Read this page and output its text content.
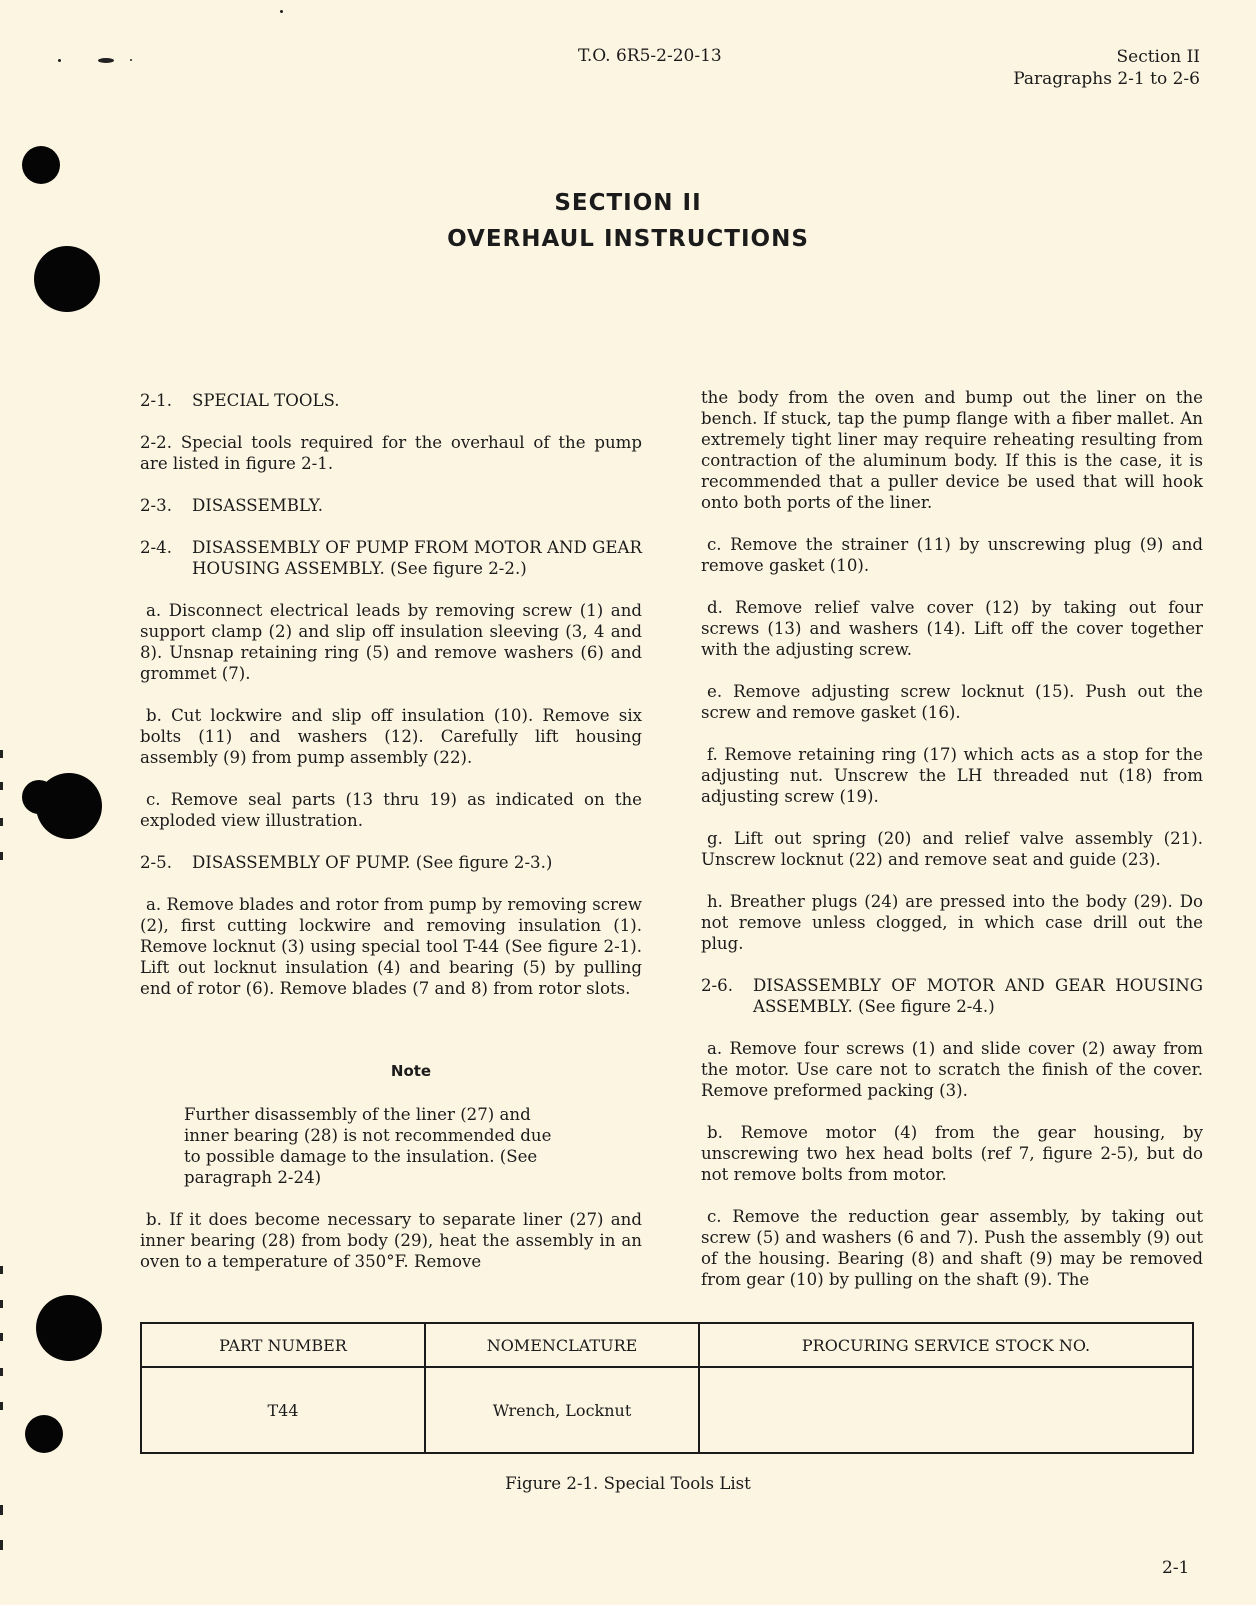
T.O. 6R5-2-20-13	Section II
Paragraphs 2-1 to 2-6
SECTION II
OVERHAUL INSTRUCTIONS
2-1.	SPECIAL TOOLS.
2-2. Special tools required for the overhaul of the pump are listed in figure 2-1.
2-3.	DISASSEMBLY.
2-4.	DISASSEMBLY OF PUMP FROM MOTOR AND GEAR HOUSING ASSEMBLY. (See figure 2-2.)

a. Disconnect electrical leads by removing screw (1) and support clamp (2) and slip off insulation sleeving (3, 4 and 8). Unsnap retaining ring (5) and remove washers (6) and grommet (7).

b. Cut lockwire and slip off insulation (10). Remove six bolts (11) and washers (12). Carefully lift housing assembly (9) from pump assembly (22).

c. Remove seal parts (13 thru 19) as indicated on the exploded view illustration.

2-5.	DISASSEMBLY OF PUMP. (See figure 2-3.)

a. Remove blades and rotor from pump by removing screw (2), first cutting lockwire and removing insulation (1). Remove locknut (3) using special tool T-44 (See figure 2-1). Lift out locknut insulation (4) and bearing (5) by pulling end of rotor (6). Remove blades (7 and 8) from rotor slots.

Note

Further disassembly of the liner (27) and inner bearing (28) is not recommended due to possible damage to the insulation. (See paragraph 2-24)

b. If it does become necessary to separate liner (27) and inner bearing (28) from body (29), heat the assembly in an oven to a temperature of 350°F. Remove

the body from the oven and bump out the liner on the bench. If stuck, tap the pump flange with a fiber mallet. An extremely tight liner may require reheating resulting from contraction of the aluminum body. If this is the case, it is recommended that a puller device be used that will hook onto both ports of the liner.

c. Remove the strainer (11) by unscrewing plug (9) and remove gasket (10).

d. Remove relief valve cover (12) by taking out four screws (13) and washers (14). Lift off the cover together with the adjusting screw.

e. Remove adjusting screw locknut (15). Push out the screw and remove gasket (16).

f. Remove retaining ring (17) which acts as a stop for the adjusting nut. Unscrew the LH threaded nut (18) from adjusting screw (19).

g. Lift out spring (20) and relief valve assembly (21). Unscrew locknut (22) and remove seat and guide (23).

h. Breather plugs (24) are pressed into the body (29). Do not remove unless clogged, in which case drill out the plug.

2-6.	DISASSEMBLY OF MOTOR AND GEAR HOUSING ASSEMBLY. (See figure 2-4.)

a. Remove four screws (1) and slide cover (2) away from the motor. Use care not to scratch the finish of the cover. Remove preformed packing (3).

b. Remove motor (4) from the gear housing, by unscrewing two hex head bolts (ref 7, figure 2-5), but do not remove bolts from motor.

c. Remove the reduction gear assembly, by taking out screw (5) and washers (6 and 7). Push the assembly (9) out of the housing. Bearing (8) and shaft (9) may be removed from gear (10) by pulling on the shaft (9). The

PART NUMBER	NOMENCLATURE	PROCURING SERVICE STOCK NO.
T44	Wrench, Locknut	
Figure 2-1. Special Tools List
2-1
